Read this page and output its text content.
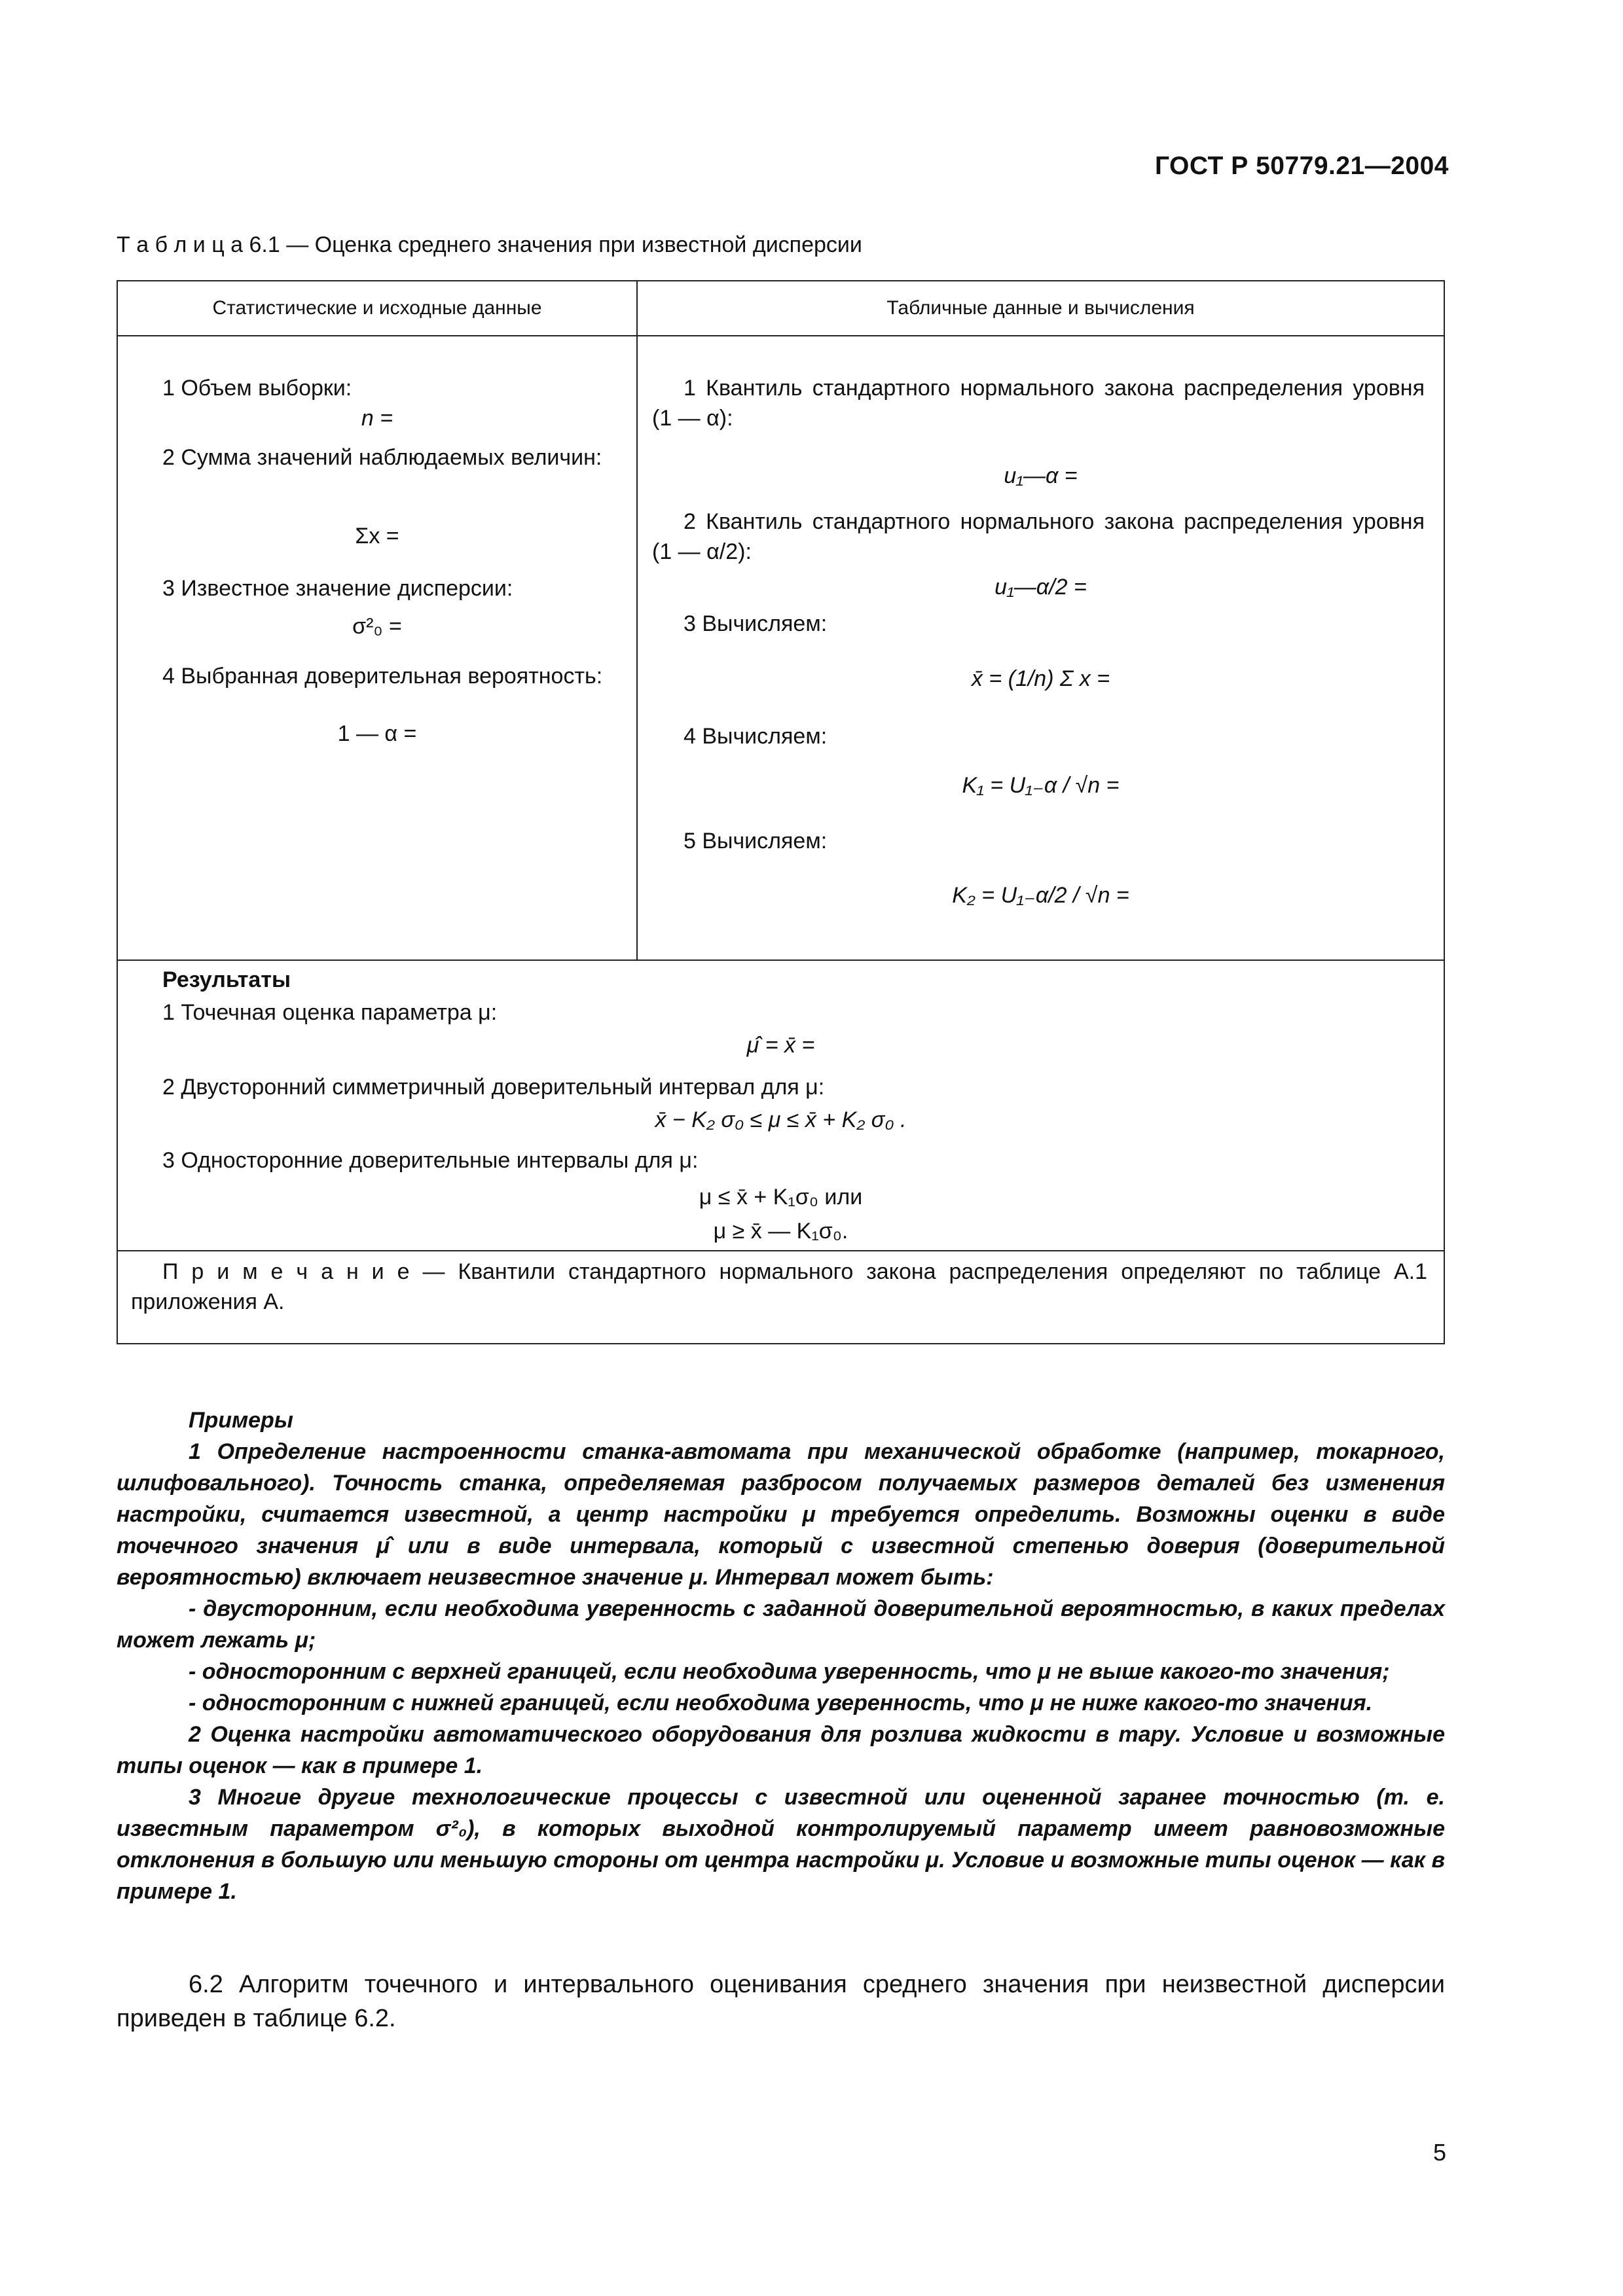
ГОСТ Р 50779.21—2004
Т а б л и ц а 6.1 — Оценка среднего значения при известной дисперсии
Статистические и исходные данные	Табличные данные и вычисления
1 Объем выборки:
n =
2 Сумма значений наблюдаемых величин:
Σx =
3 Известное значение дисперсии:
σ²₀ =
4 Выбранная доверительная вероятность:
1 — α =
1 Квантиль стандартного нормального закона распределения уровня (1 — α):
u₁—α =
2 Квантиль стандартного нормального закона распределения уровня (1 — α/2):
u₁—α/2 =
3 Вычисляем:
x̄ = (1/n) Σ x =
4 Вычисляем:
K₁ = U₁₋α / √n =
5 Вычисляем:
K₂ = U₁₋α/2 / √n =
Результаты
1 Точечная оценка параметра μ:
μ̂ = x̄ =
2 Двусторонний симметричный доверительный интервал для μ:
x̄ − K₂ σ₀ ≤ μ ≤ x̄ + K₂ σ₀ .
3 Односторонние доверительные интервалы для μ:
μ ≤ x̄ + K₁σ₀ или
μ ≥ x̄ — K₁σ₀.
П р и м е ч а н и е — Квантили стандартного нормального закона распределения определяют по таблице А.1 приложения А.

Примеры

1 Определение настроенности станка-автомата при механической обработке (например, токарного, шлифовального). Точность станка, определяемая разбросом получаемых размеров деталей без изменения настройки, считается известной, а центр настройки μ требуется определить. Возможны оценки в виде точечного значения μ̂ или в виде интервала, который с известной степенью доверия (доверительной вероятностью) включает неизвестное значение μ. Интервал может быть:

- двусторонним, если необходима уверенность с заданной доверительной вероятностью, в каких пределах может лежать μ;

- односторонним с верхней границей, если необходима уверенность, что μ не выше какого-то значения;

- односторонним с нижней границей, если необходима уверенность, что μ не ниже какого-то значения.

2 Оценка настройки автоматического оборудования для розлива жидкости в тару. Условие и возможные типы оценок — как в примере 1.

3 Многие другие технологические процессы с известной или оцененной заранее точностью (т. е. известным параметром σ²₀), в которых выходной контролируемый параметр имеет равновозможные отклонения в большую или меньшую стороны от центра настройки μ. Условие и возможные типы оценок — как в примере 1.

6.2 Алгоритм точечного и интервального оценивания среднего значения при неизвестной дисперсии приведен в таблице 6.2.
5
